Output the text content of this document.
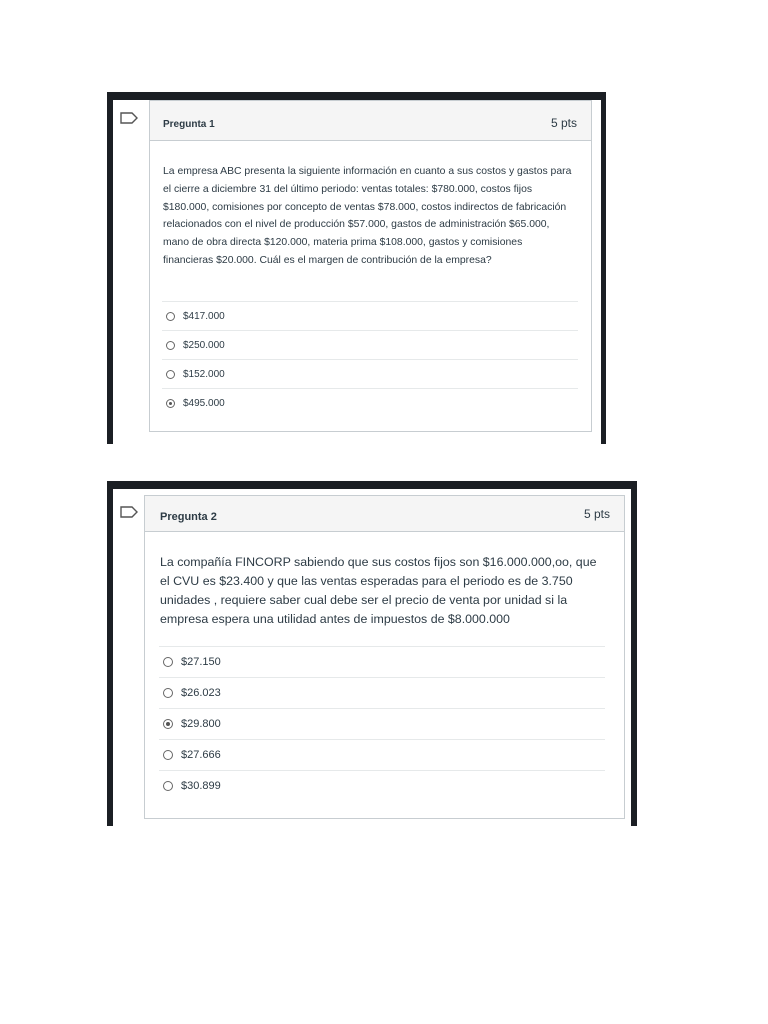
Pregunta 1	5 pts
La empresa ABC presenta la siguiente información en cuanto a sus costos y gastos para el cierre a diciembre 31 del último periodo: ventas totales: $780.000, costos fijos $180.000, comisiones por concepto de ventas $78.000, costos indirectos de fabricación relacionados con el nivel de producción $57.000, gastos de administración $65.000, mano de obra directa $120.000, materia prima $108.000, gastos y comisiones financieras $20.000. Cuál es el margen de contribución de la empresa?
$417.000
$250.000
$152.000
$495.000
Pregunta 2	5 pts
La compañía FINCORP sabiendo que sus costos fijos son $16.000.000,oo, que el CVU es $23.400 y que las ventas esperadas para el periodo es de 3.750 unidades , requiere saber cual debe ser el precio de venta por unidad si la empresa espera una utilidad antes de impuestos de $8.000.000
$27.150
$26.023
$29.800
$27.666
$30.899
